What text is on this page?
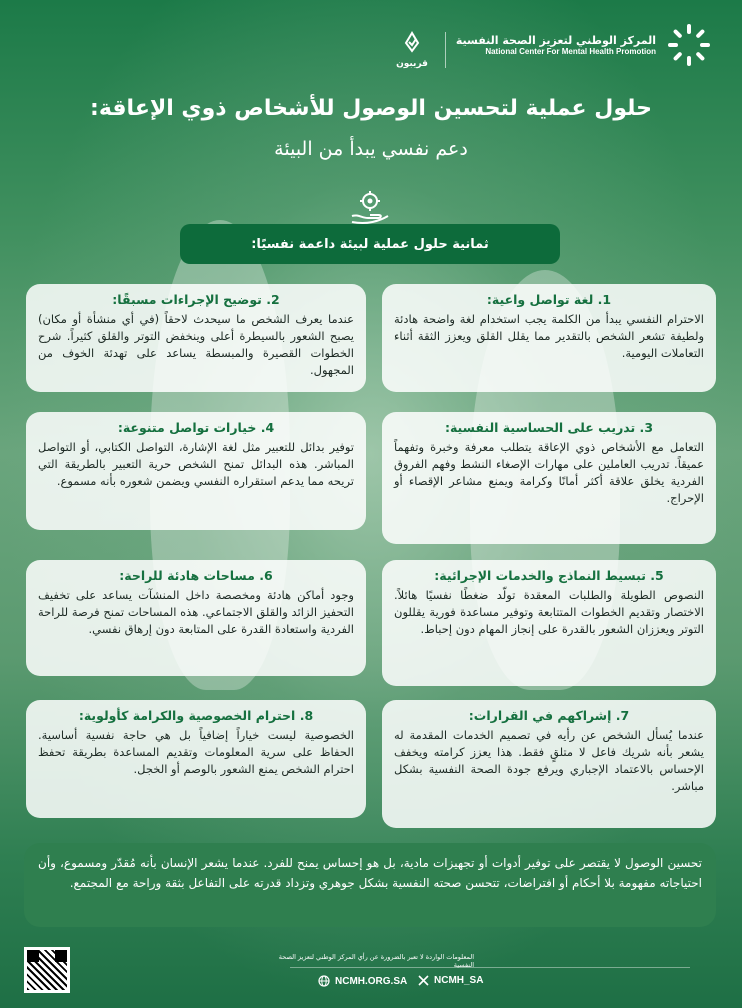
المركز الوطني لتعزيز الصحة النفسية
National Center For Mental Health Promotion
قريبون
حلول عملية لتحسين الوصول للأشخاص ذوي الإعاقة:
دعم نفسي يبدأ من البيئة
ثمانية حلول عملية لبيئة داعمة نفسيًا:
1. لغة تواصل واعية:
الاحترام النفسي يبدأ من الكلمة يجب استخدام لغة واضحة هادئة ولطيفة تشعر الشخص بالتقدير مما يقلل القلق ويعزز الثقة أثناء التعاملات اليومية.
3. تدريب على الحساسية النفسية:
التعامل مع الأشخاص ذوي الإعاقة يتطلب معرفة وخبرة وتفهماً عميقاً. تدريب العاملين على مهارات الإصغاء النشط وفهم الفروق الفردية يخلق علاقة أكثر أمانًا وكرامة ويمنع مشاعر الإقصاء أو الإحراج.
5. تبسيط النماذج والخدمات الإجرائية:
النصوص الطويلة والطلبات المعقدة تولّد ضغطًا نفسيًا هائلاً. الاختصار وتقديم الخطوات المتتابعة وتوفير مساعدة فورية يقللون التوتر ويعززان الشعور بالقدرة على إنجاز المهام دون إحباط.
7. إشراكهم في القرارات:
عندما يُسأل الشخص عن رأيه في تصميم الخدمات المقدمة له يشعر بأنه شريك فاعل لا متلقٍ فقط. هذا يعزز كرامته ويخفف الإحساس بالاعتماد الإجباري ويرفع جودة الصحة النفسية بشكل مباشر.
2. توضيح الإجراءات مسبقًا:
عندما يعرف الشخص ما سيحدث لاحقاً (في أي منشأة أو مكان) يصبح الشعور بالسيطرة أعلى وينخفض التوتر والقلق كثيراً. شرح الخطوات القصيرة والمبسطة يساعد على تهدئة الخوف من المجهول.
4. خيارات تواصل متنوعة:
توفير بدائل للتعبير مثل لغة الإشارة، التواصل الكتابي، أو التواصل المباشر. هذه البدائل تمنح الشخص حرية التعبير بالطريقة التي تريحه مما يدعم استقراره النفسي ويضمن شعوره بأنه مسموع.
6. مساحات هادئة للراحة:
وجود أماكن هادئة ومخصصة داخل المنشآت يساعد على تخفيف التحفيز الزائد والقلق الاجتماعي. هذه المساحات تمنح فرصة للراحة الفردية واستعادة القدرة على المتابعة دون إرهاق نفسي.
8. احترام الخصوصية والكرامة كأولوية:
الخصوصية ليست خياراً إضافياً بل هي حاجة نفسية أساسية. الحفاظ على سرية المعلومات وتقديم المساعدة بطريقة تحفظ احترام الشخص يمنع الشعور بالوصم أو الخجل.
تحسين الوصول لا يقتصر على توفير أدوات أو تجهيزات مادية، بل هو إحساس يمنح للفرد. عندما يشعر الإنسان بأنه مُقدّر ومسموع، وأن احتياجاته مفهومة بلا أحكام أو افتراضات، تتحسن صحته النفسية بشكل جوهري وتزداد قدرته على التفاعل بثقة وراحة مع المجتمع.
المعلومات الواردة لا تعبر بالضرورة عن رأي المركز الوطني لتعزيز الصحة النفسية
NCMH.ORG.SA	NCMH_SA
